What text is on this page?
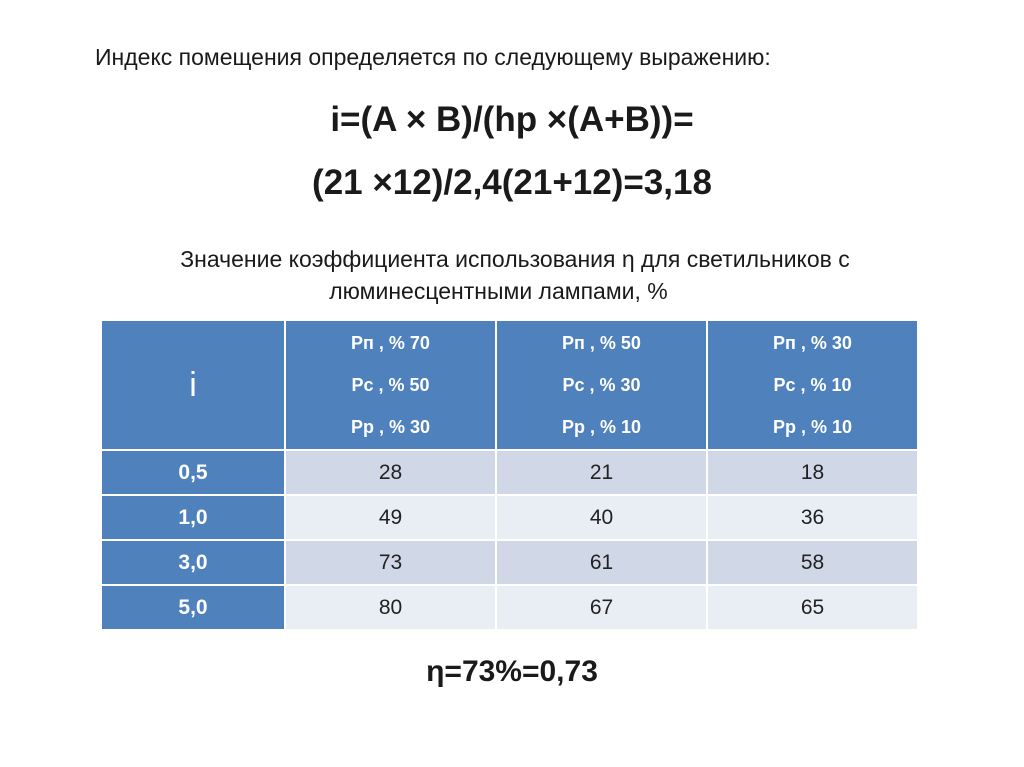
Индекс помещения определяется по следующему выражению:
i=(A × B)/(hp ×(A+B))=
(21 ×12)/2,4(21+12)=3,18
Значение коэффициента использования η для светильников с
люминесцентными лампами, %
i	Рп , % 70
Рс , % 50
Рр , % 30	Рп , % 50
Рс , % 30
Рр , % 10	Рп , % 30
Рс , % 10
Рр , % 10

0,5	28	21	18
1,0	49	40	36
3,0	73	61	58
5,0	80	67	65
η=73%=0,73
